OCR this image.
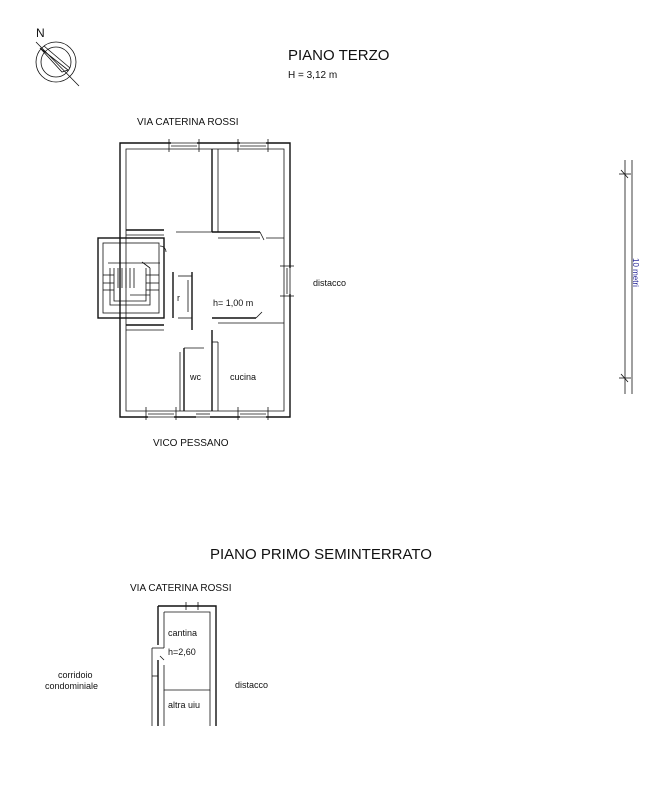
N
PIANO TERZO
H = 3,12 m
VIA CATERINA ROSSI
VICO PESSANO
distacco
r	h= 1,00 m
wc	cucina
10 metri
PIANO PRIMO SEMINTERRATO
VIA CATERINA ROSSI
cantina
h=2,60
corridoio
condominiale	distacco
altra uiu
